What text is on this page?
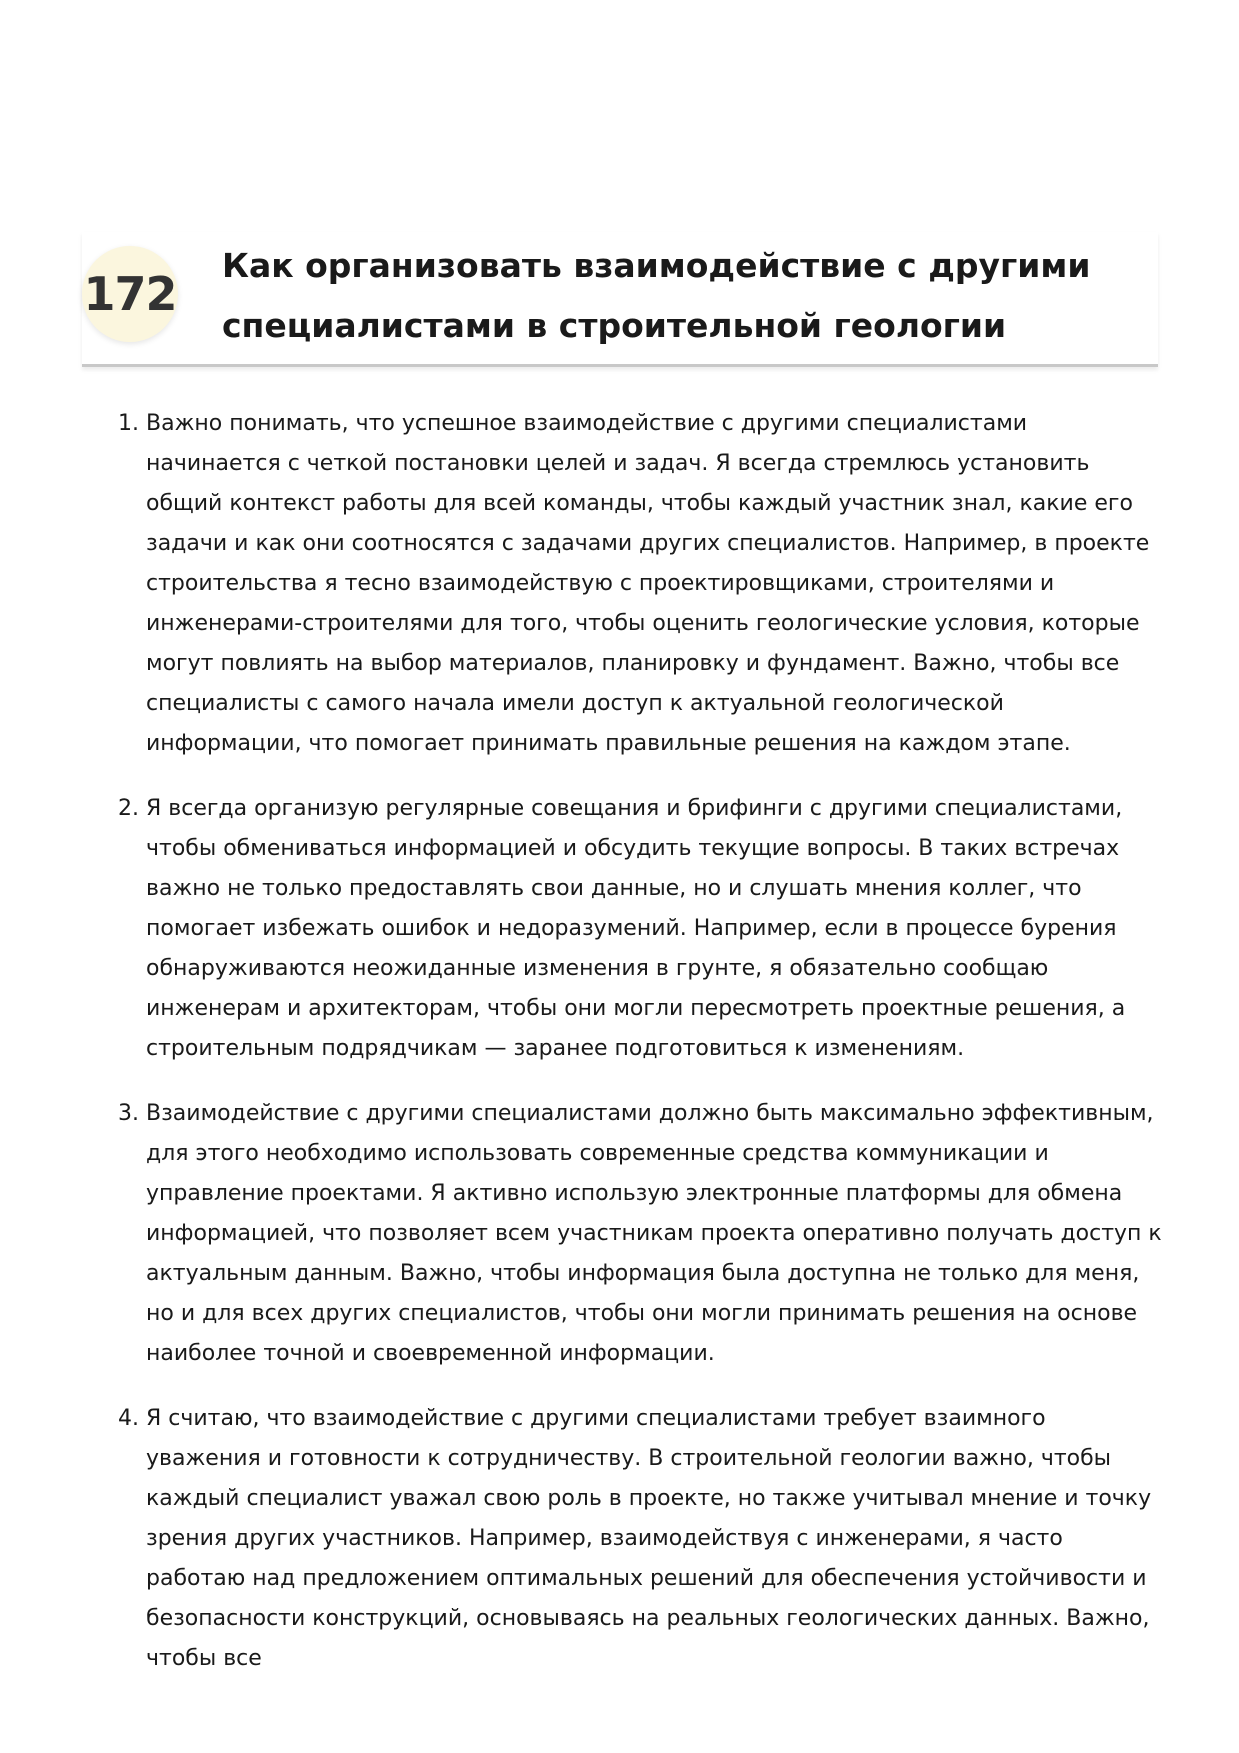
172
Как организовать взаимодействие с другими специалистами в строительной геологии
1. Важно понимать, что успешное взаимодействие с другими специалистами начинается с четкой постановки целей и задач. Я всегда стремлюсь установить общий контекст работы для всей команды, чтобы каждый участник знал, какие его задачи и как они соотносятся с задачами других специалистов. Например, в проекте строительства я тесно взаимодействую с проектировщиками, строителями и инженерами-строителями для того, чтобы оценить геологические условия, которые могут повлиять на выбор материалов, планировку и фундамент. Важно, чтобы все специалисты с самого начала имели доступ к актуальной геологической информации, что помогает принимать правильные решения на каждом этапе.
2. Я всегда организую регулярные совещания и брифинги с другими специалистами, чтобы обмениваться информацией и обсудить текущие вопросы. В таких встречах важно не только предоставлять свои данные, но и слушать мнения коллег, что помогает избежать ошибок и недоразумений. Например, если в процессе бурения обнаруживаются неожиданные изменения в грунте, я обязательно сообщаю инженерам и архитекторам, чтобы они могли пересмотреть проектные решения, а строительным подрядчикам — заранее подготовиться к изменениям.
3. Взаимодействие с другими специалистами должно быть максимально эффективным, для этого необходимо использовать современные средства коммуникации и управление проектами. Я активно использую электронные платформы для обмена информацией, что позволяет всем участникам проекта оперативно получать доступ к актуальным данным. Важно, чтобы информация была доступна не только для меня, но и для всех других специалистов, чтобы они могли принимать решения на основе наиболее точной и своевременной информации.
4. Я считаю, что взаимодействие с другими специалистами требует взаимного уважения и готовности к сотрудничеству. В строительной геологии важно, чтобы каждый специалист уважал свою роль в проекте, но также учитывал мнение и точку зрения других участников. Например, взаимодействуя с инженерами, я часто работаю над предложением оптимальных решений для обеспечения устойчивости и безопасности конструкций, основываясь на реальных геологических данных. Важно, чтобы все
